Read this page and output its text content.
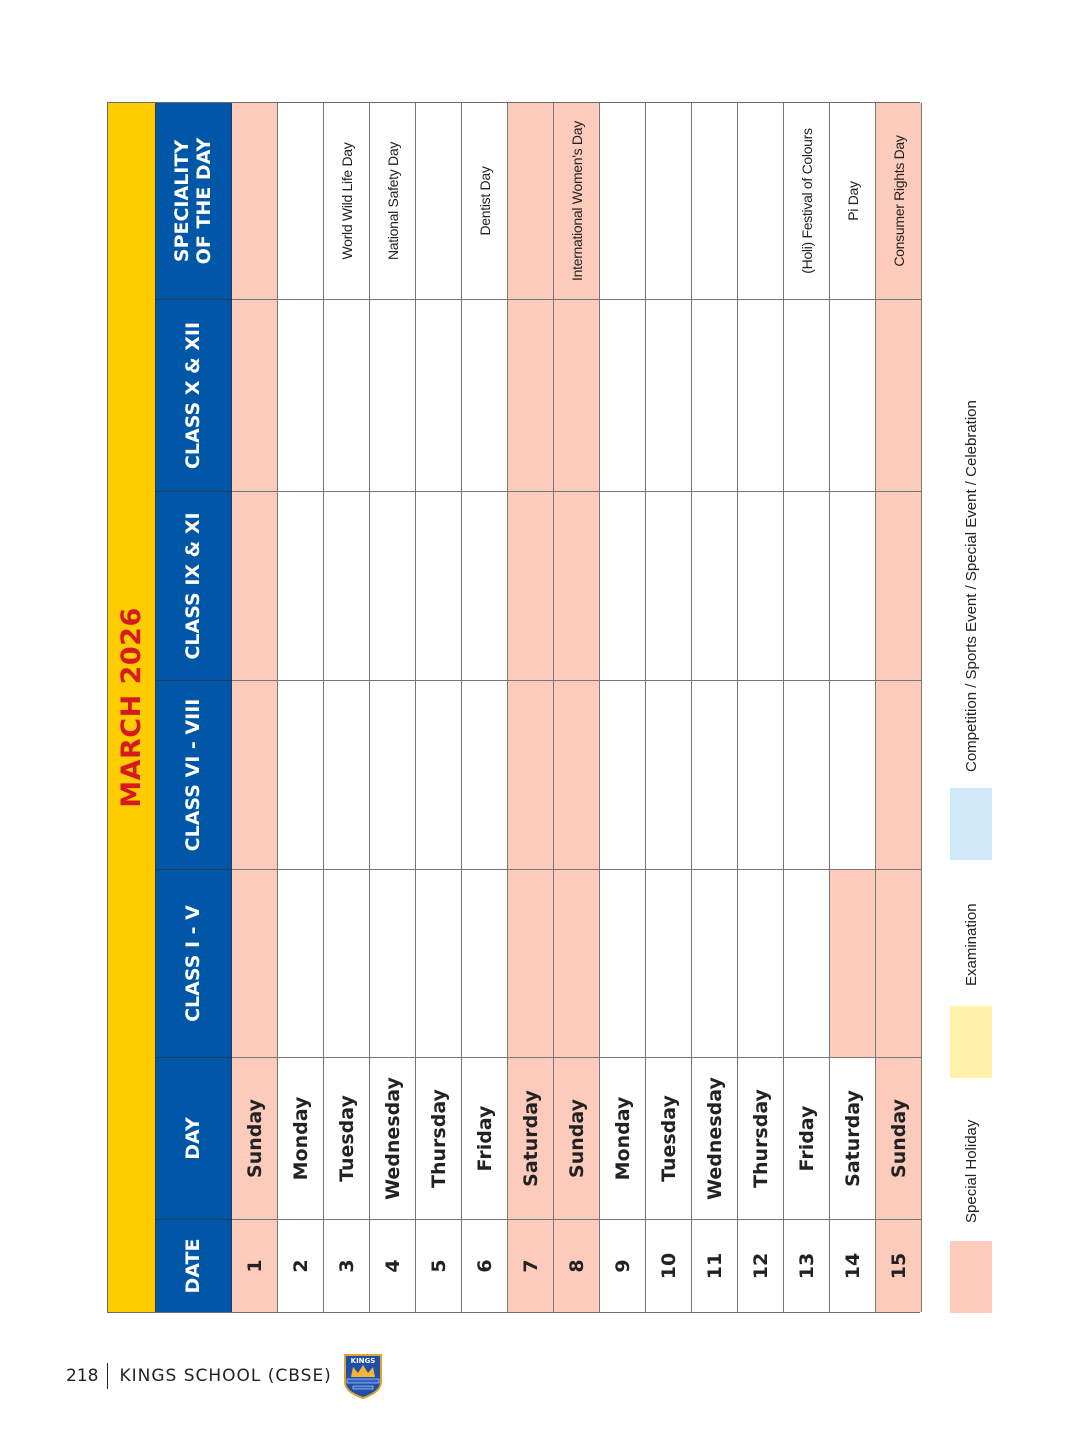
MARCH 2026
DATE
DAY
CLASS I - V
CLASS VI - VIII
CLASS IX & XI
CLASS X & XII
SPECIALITY OF THE DAY
1
Sunday
2
Monday
3
Tuesday
World Wild Life Day
4
Wednesday
National Safety Day
5
Thursday
6
Friday
Dentist Day
7
Saturday
8
Sunday
International Women's Day
9
Monday
10
Tuesday
11
Wednesday
12
Thursday
13
Friday
(Holi) Festival of Colours
14
Saturday
Pi Day
15
Sunday
Consumer Rights Day
Special Holiday
Examination
Competition / Sports Event / Special Event / Celebration
218 KINGS SCHOOL (CBSE)
KINGS
